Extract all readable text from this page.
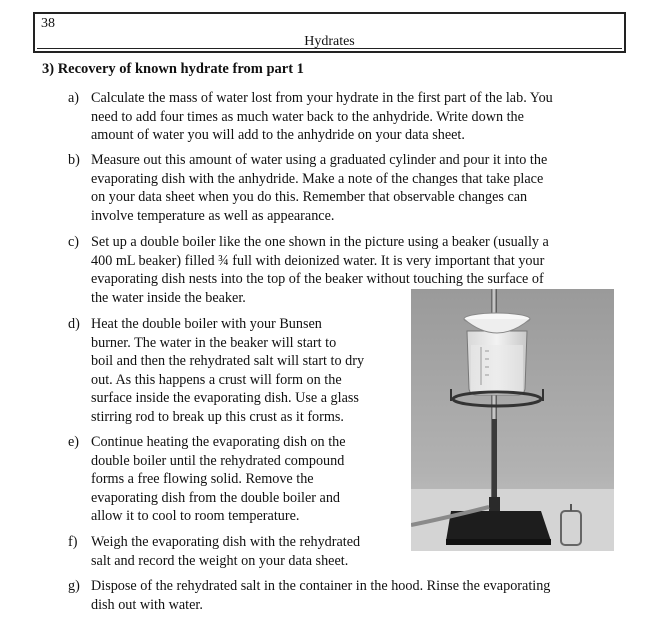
38
Hydrates
3) Recovery of known hydrate from part 1
a) Calculate the mass of water lost from your hydrate in the first part of the lab. You
need to add four times as much water back to the anhydride. Write down the
amount of water you will add to the anhydride on your data sheet.
b) Measure out this amount of water using a graduated cylinder and pour it into the
evaporating dish with the anhydride. Make a note of the changes that take place
on your data sheet when you do this. Remember that observable changes can
involve temperature as well as appearance.
c) Set up a double boiler like the one shown in the picture using a beaker (usually a
400 mL beaker) filled ¾ full with deionized water. It is very important that your
evaporating dish nests into the top of the beaker without touching the surface of
the water inside the beaker.
d) Heat the double boiler with your Bunsen
burner. The water in the beaker will start to
boil and then the rehydrated salt will start to dry
out. As this happens a crust will form on the
surface inside the evaporating dish. Use a glass
stirring rod to break up this crust as it forms.
e) Continue heating the evaporating dish on the
double boiler until the rehydrated compound
forms a free flowing solid. Remove the
evaporating dish from the double boiler and
allow it to cool to room temperature.
f) Weigh the evaporating dish with the rehydrated
salt and record the weight on your data sheet.
g) Dispose of the rehydrated salt in the container in the hood. Rinse the evaporating
dish out with water.
